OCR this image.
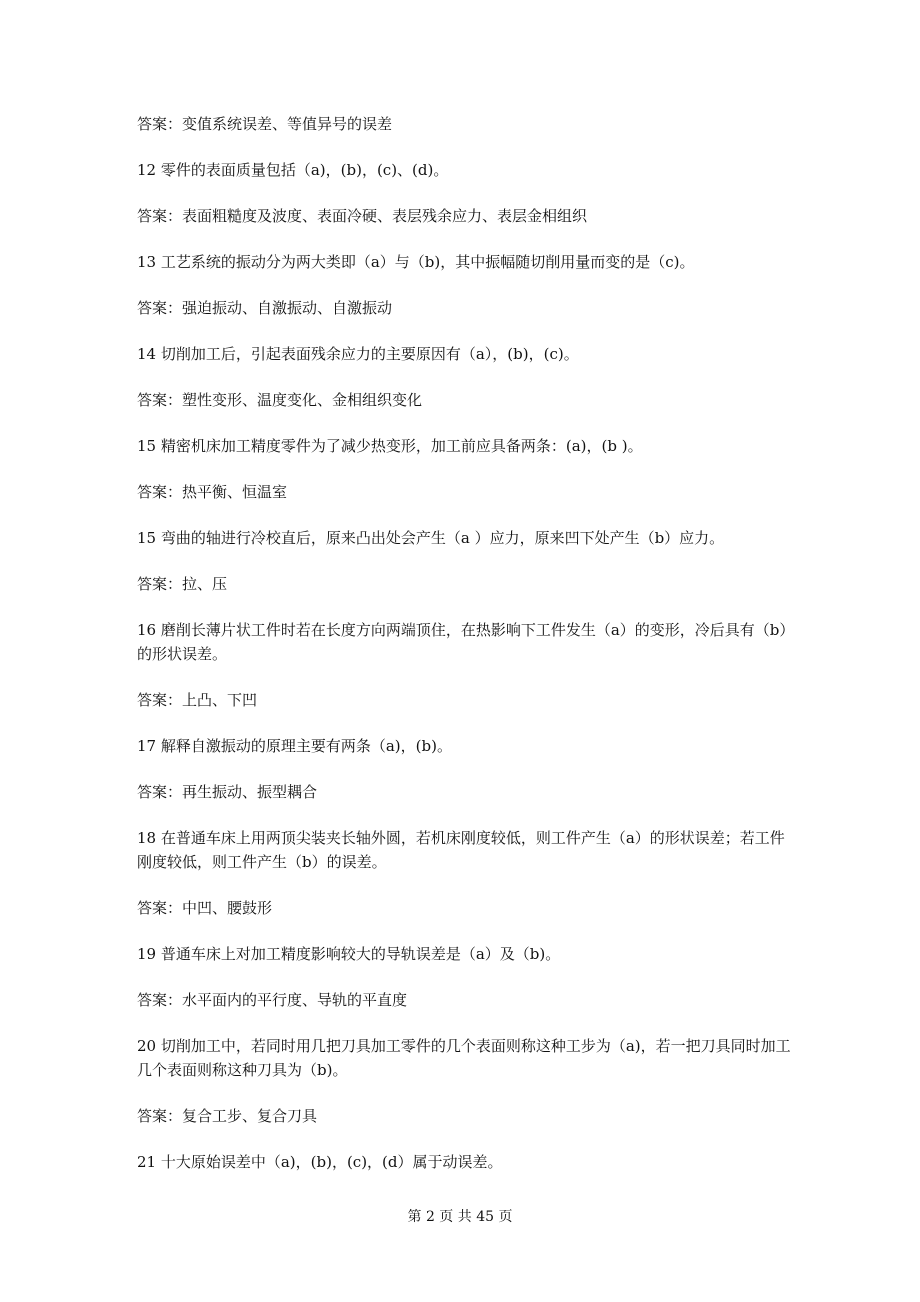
答案：变值系统误差、等值异号的误差

12 零件的表面质量包括（a)，(b)，(c)、(d)。

答案：表面粗糙度及波度、表面冷硬、表层残余应力、表层金相组织

13 工艺系统的振动分为两大类即（a）与（b)，其中振幅随切削用量而变的是（c)。

答案：强迫振动、自激振动、自激振动

14 切削加工后，引起表面残余应力的主要原因有（a），(b)，(c)。

答案：塑性变形、温度变化、金相组织变化

15 精密机床加工精度零件为了减少热变形，加工前应具备两条：(a)，(b )。

答案：热平衡、恒温室

15 弯曲的轴进行冷校直后，原来凸出处会产生（a ）应力，原来凹下处产生（b）应力。

答案：拉、压

16 磨削长薄片状工件时若在长度方向两端顶住，在热影响下工件发生（a）的变形，冷后具有（b）的形状误差。

答案：上凸、下凹

17 解释自激振动的原理主要有两条（a)，(b)。

答案：再生振动、振型耦合

18 在普通车床上用两顶尖装夹长轴外圆，若机床刚度较低，则工件产生（a）的形状误差；若工件刚度较低，则工件产生（b）的误差。

答案：中凹、腰鼓形

19 普通车床上对加工精度影响较大的导轨误差是（a）及（b)。

答案：水平面内的平行度、导轨的平直度

20 切削加工中，若同时用几把刀具加工零件的几个表面则称这种工步为（a)，若一把刀具同时加工几个表面则称这种刀具为（b)。

答案：复合工步、复合刀具

21 十大原始误差中（a)，(b)，(c)，(d）属于动误差。

第 2 页 共 45 页
